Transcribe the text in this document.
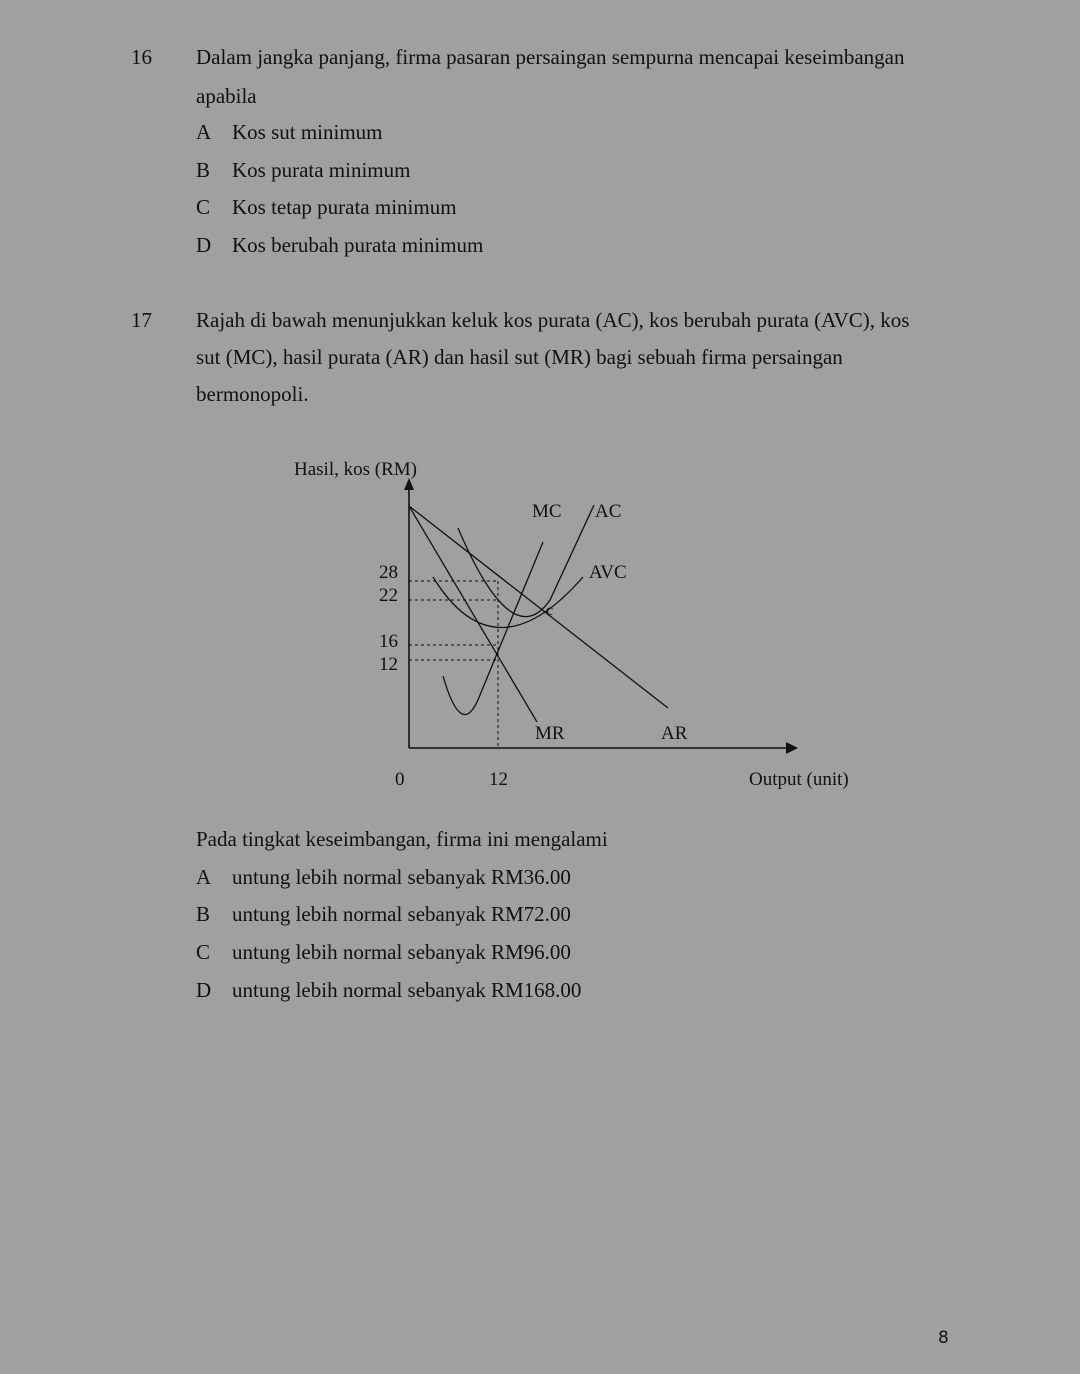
16 Dalam jangka panjang, firma pasaran persaingan sempurna mencapai keseimbangan
apabila
A Kos sut minimum
B Kos purata minimum
C Kos tetap purata minimum
D Kos berubah purata minimum
17 Rajah di bawah menunjukkan keluk kos purata (AC), kos berubah purata (AVC), kos
sut (MC), hasil purata (AR) dan hasil sut (MR) bagi sebuah firma persaingan
bermonopoli.
MC AC
AVC
MR	AR
c
Hasil, kos (RM)
Output (unit)
0	12
28
22
16
12
Pada tingkat keseimbangan, firma ini mengalami
A untung lebih normal sebanyak RM36.00
B untung lebih normal sebanyak RM72.00
C untung lebih normal sebanyak RM96.00
D untung lebih normal sebanyak RM168.00
8
